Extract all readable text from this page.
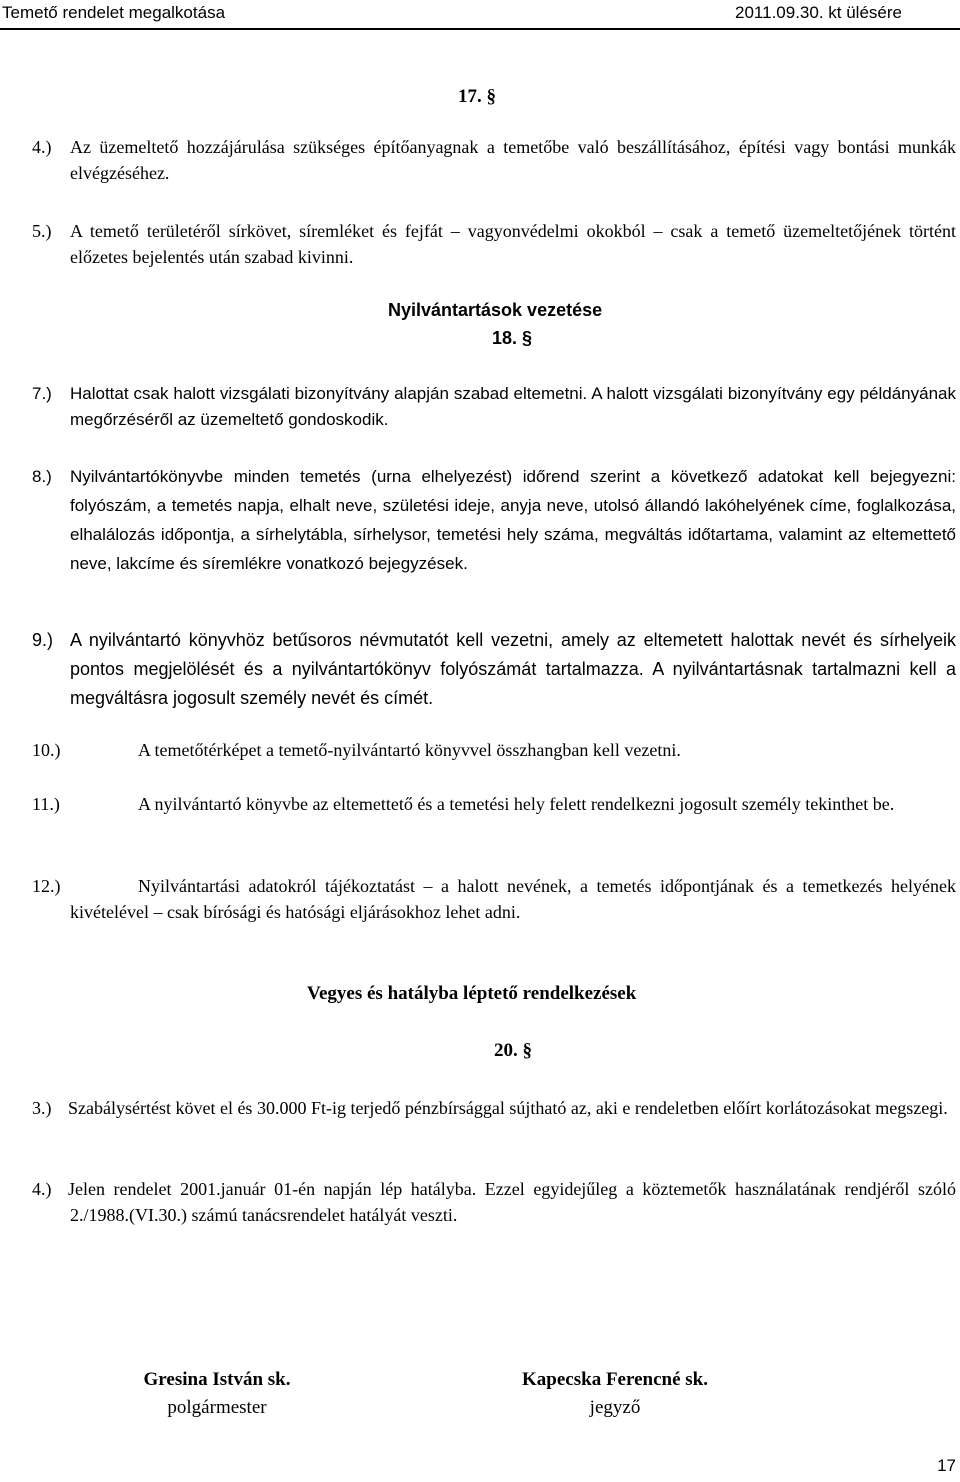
Temető rendelet megalkotása	2011.09.30. kt ülésére
17. §
4.) Az üzemeltető hozzájárulása szükséges építőanyagnak a temetőbe való beszállításához, építési vagy bontási munkák elvégzéséhez.
5.) A temető területéről sírkövet, síremléket és fejfát – vagyonvédelmi okokból – csak a temető üzemeltetőjének történt előzetes bejelentés után szabad kivinni.
Nyilvántartások vezetése
18. §
7.) Halottat csak halott vizsgálati bizonyítvány alapján szabad eltemetni. A halott vizsgálati bizonyítvány egy példányának megőrzéséről az üzemeltető gondoskodik.
8.) Nyilvántartókönyvbe minden temetés (urna elhelyezést) időrend szerint a következő adatokat kell bejegyezni: folyószám, a temetés napja, elhalt neve, születési ideje, anyja neve, utolsó állandó lakóhelyének címe, foglalkozása, elhalálozás időpontja, a sírhelytábla, sírhelysor, temetési hely száma, megváltás időtartama, valamint az eltemettető neve, lakcíme és síremlékre vonatkozó bejegyzések.
9.) A nyilvántartó könyvhöz betűsoros névmutatót kell vezetni, amely az eltemetett halottak nevét és sírhelyeik pontos megjelölését és a nyilvántartókönyv folyószámát tartalmazza. A nyilvántartásnak tartalmazni kell a megváltásra jogosult személy nevét és címét.
10.)	A temetőtérképet a temető-nyilvántartó könyvvel összhangban kell vezetni.
11.)	A nyilvántartó könyvbe az eltemettető és a temetési hely felett rendelkezni jogosult személy tekinthet be.
12.)	Nyilvántartási adatokról tájékoztatást – a halott nevének, a temetés időpontjának és a temetkezés helyének kivételével – csak bírósági és hatósági eljárásokhoz lehet adni.
Vegyes és hatályba léptető rendelkezések
20. §
3.) Szabálysértést követ el és 30.000 Ft-ig terjedő pénzbírsággal sújtható az, aki e rendeletben előírt korlátozásokat megszegi.
4.) Jelen rendelet 2001.január 01-én napján lép hatályba. Ezzel egyidejűleg a köztemetők használatának rendjéről szóló 2./1988.(VI.30.) számú tanácsrendelet hatályát veszti.
Gresina István sk.
polgármester
Kapecska Ferencné sk.
jegyző
17
